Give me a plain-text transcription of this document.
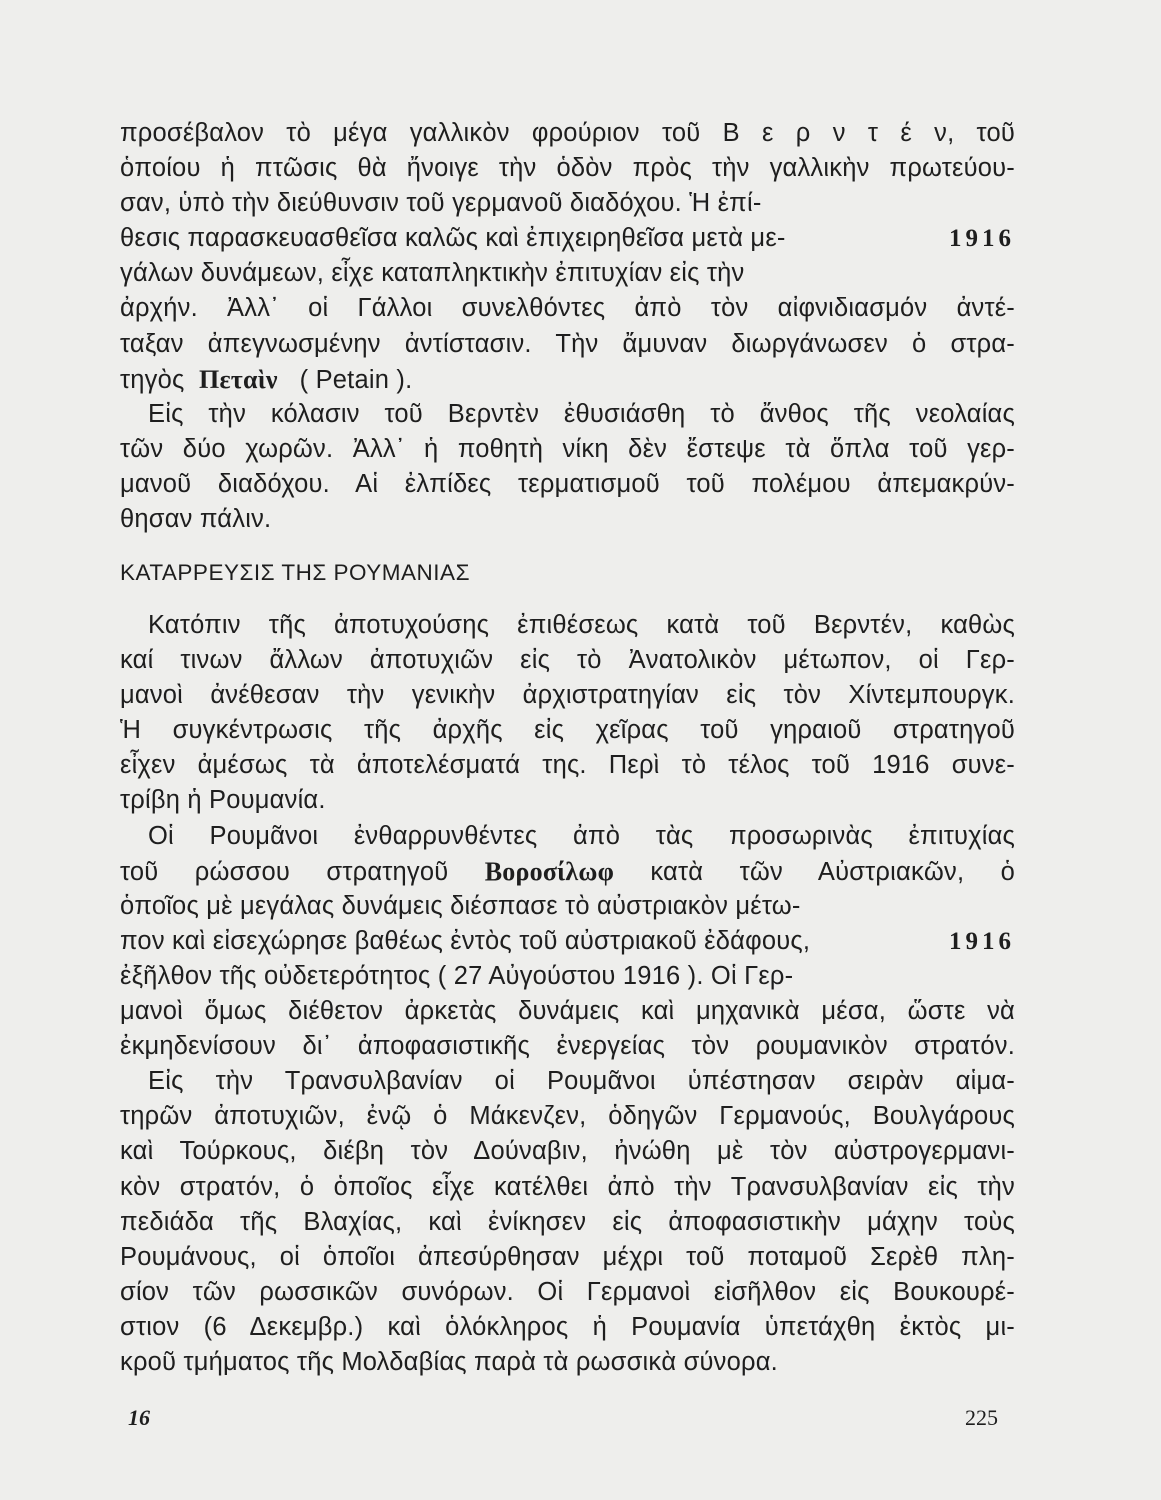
προσέβαλον τὸ μέγα γαλλικὸν φρούριον τοῦ Β ε ρ ν τ έ ν, τοῦ
ὁποίου ἡ πτῶσις θὰ ἤνοιγε τὴν ὁδὸν πρὸς τὴν γαλλικὴν πρωτεύου-
σαν, ὑπὸ τὴν διεύθυνσιν τοῦ γερμανοῦ διαδόχου. Ἡ ἐπί-
θεσις παρασκευασθεῖσα καλῶς καὶ ἐπιχειρηθεῖσα μετὰ με-	1916
γάλων δυνάμεων, εἶχε καταπληκτικὴν ἐπιτυχίαν εἰς τὴν
ἀρχήν. Ἀλλ᾽ οἱ Γάλλοι συνελθόντες ἀπὸ τὸν αἰφνιδιασμόν ἀντέ-
ταξαν ἀπεγνωσμένην ἀντίστασιν. Τὴν ἄμυναν διωργάνωσεν ὁ στρα-
τηγὸς  Πεταὶν   ( Petain ).
Εἰς τὴν κόλασιν τοῦ Βερντὲν ἐθυσιάσθη τὸ ἄνθος τῆς νεολαίας
τῶν δύο χωρῶν. Ἀλλ᾽ ἡ ποθητὴ νίκη δὲν ἔστεψε τὰ ὅπλα τοῦ γερ-
μανοῦ διαδόχου. Αἱ ἐλπίδες τερματισμοῦ τοῦ πολέμου ἀπεμακρύν-
θησαν πάλιν.
ΚΑΤΑΡΡΕΥΣΙΣ ΤΗΣ ΡΟΥΜΑΝΙΑΣ
Κατόπιν τῆς ἀποτυχούσης ἐπιθέσεως κατὰ τοῦ Βερντέν, καθὼς
καί τινων ἄλλων ἀποτυχιῶν εἰς τὸ Ἀνατολικὸν μέτωπον, οἱ Γερ-
μανοὶ ἀνέθεσαν τὴν γενικὴν ἀρχιστρατηγίαν εἰς τὸν Χίντεμπουργκ.
Ἡ συγκέντρωσις τῆς ἀρχῆς εἰς χεῖρας τοῦ γηραιοῦ στρατηγοῦ
εἶχεν ἀμέσως τὰ ἀποτελέσματά της. Περὶ τὸ τέλος τοῦ 1916 συνε-
τρίβη ἡ Ρουμανία.
Οἱ Ρουμᾶνοι ἐνθαρρυνθέντες ἀπὸ τὰς προσωρινὰς ἐπιτυχίας
τοῦ ρώσσου στρατηγοῦ Βοροσίλωφ κατὰ τῶν Αὐστριακῶν, ὁ
ὁποῖος μὲ μεγάλας δυνάμεις διέσπασε τὸ αὐστριακὸν μέτω-
πον καὶ εἰσεχώρησε βαθέως ἐντὸς τοῦ αὐστριακοῦ ἐδάφους,	1916
ἐξῆλθον τῆς οὐδετερότητος ( 27 Αὐγούστου 1916 ). Οἱ Γερ-
μανοὶ ὅμως διέθετον ἀρκετὰς δυνάμεις καὶ μηχανικὰ μέσα, ὥστε νὰ
ἐκμηδενίσουν δι᾽ ἀποφασιστικῆς ἐνεργείας τὸν ρουμανικὸν στρατόν.
Εἰς τὴν Τρανσυλβανίαν οἱ Ρουμᾶνοι ὑπέστησαν σειρὰν αἱμα-
τηρῶν ἀποτυχιῶν, ἐνῷ ὁ Μάκενζεν, ὁδηγῶν Γερμανούς, Βουλγάρους
καὶ Τούρκους, διέβη τὸν Δούναβιν, ἠνώθη μὲ τὸν αὐστρογερμανι-
κὸν στρατόν, ὁ ὁποῖος εἶχε κατέλθει ἀπὸ τὴν Τρανσυλβανίαν εἰς τὴν
πεδιάδα τῆς Βλαχίας, καὶ ἐνίκησεν εἰς ἀποφασιστικὴν μάχην τοὺς
Ρουμάνους, οἱ ὁποῖοι ἀπεσύρθησαν μέχρι τοῦ ποταμοῦ Σερὲθ πλη-
σίον τῶν ρωσσικῶν συνόρων. Οἱ Γερμανοὶ εἰσῆλθον εἰς Βουκουρέ-
στιον (6 Δεκεμβρ.) καὶ ὁλόκληρος ἡ Ρουμανία ὑπετάχθη ἐκτὸς μι-
κροῦ τμήματος τῆς Μολδαβίας παρὰ τὰ ρωσσικὰ σύνορα.
16	225
